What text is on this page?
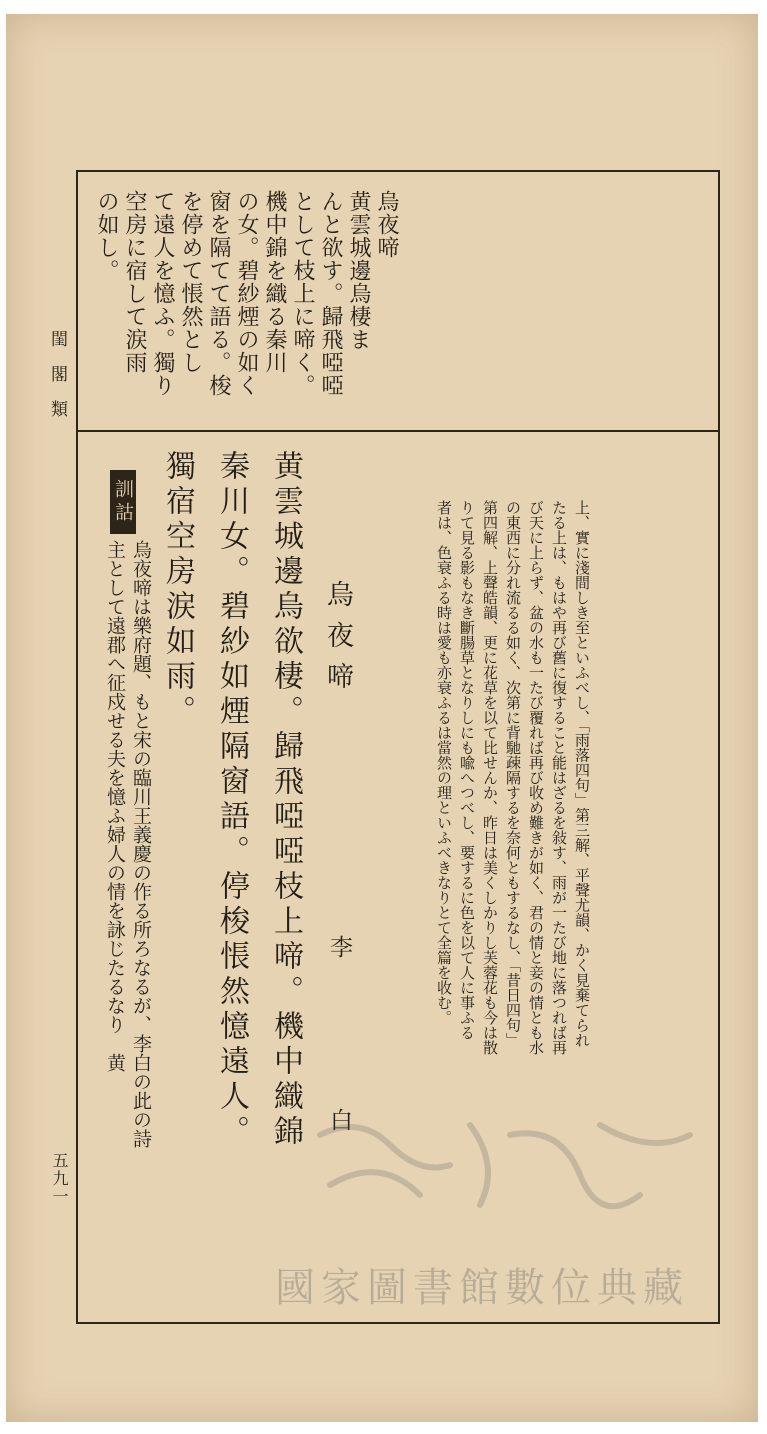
閨閣類
五九一
烏夜啼
黄雲城邊烏棲ま
んと欲す。歸飛啞啞
として枝上に啼く。
機中錦を織る秦川
の女。碧紗煙の如く
窗を隔てて語る。梭
を停めて悵然とし
て遠人を憶ふ。獨り
空房に宿して涙雨
の如し。
上、實に淺間しき至といふべし、「雨落四句」第三解、平聲尤韻、かく見棄てられ
たる上は、もはや再び舊に復すること能はざるを敍す、雨が一たび地に落つれば再
び天に上らず、盆の水も一たび覆れば再び收め難きが如く、君の情と妾の情とも水
の東西に分れ流るる如く、次第に背馳疎隔するを奈何ともするなし、「昔日四句」
第四解、上聲皓韻、更に花草を以て比せんか、昨日は美くしかりし芙蓉花も今は散
りて見る影もなき斷腸草となりしにも喩へつべし、要するに色を以て人に事ふる
者は、色衰ふる時は愛も亦衰ふるは當然の理といふべきなりとて全篇を收む。
烏夜啼
李白
黄雲城邊烏欲棲。歸飛啞啞枝上啼。機中織錦
秦川女。碧紗如煙隔窗語。停梭悵然憶遠人。
獨宿空房涙如雨。
訓詁
烏夜啼は樂府題、もと宋の臨川王義慶の作る所ろなるが、李白の此の詩
主として遠郡へ征戍せる夫を憶ふ婦人の情を詠じたるなり　黄
國家圖書館數位典藏
